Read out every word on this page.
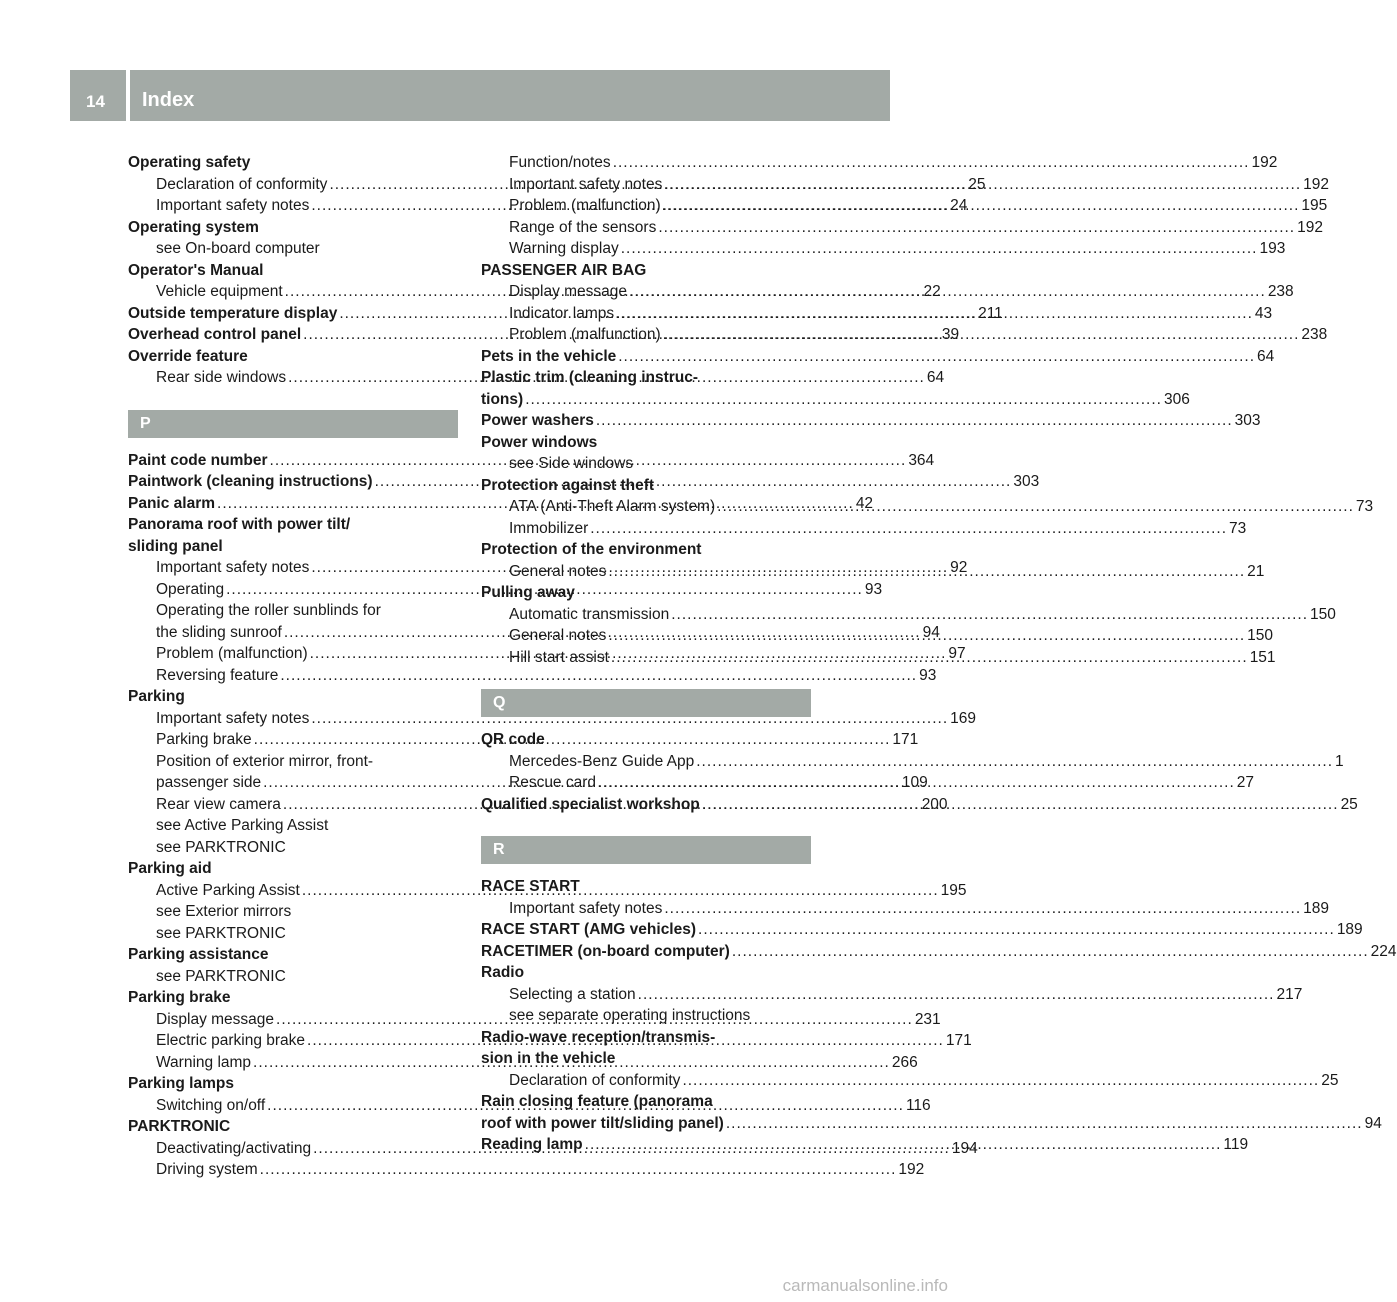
14 Index
Operating safety
Declaration of conformity .....	25
Important safety notes .....	24
Operating system
see On-board computer
Operator's Manual
Vehicle equipment .....	22
Outside temperature display .....	211
Overhead control panel .....	39
Override feature
Rear side windows .....	64
P
Paint code number .....	364
Paintwork (cleaning instructions) .....	303
Panic alarm .....	42
Panorama roof with power tilt/
sliding panel
Important safety notes .....	92
Operating .....	93
Operating the roller sunblinds for
the sliding sunroof .....	94
Problem (malfunction) .....	97
Reversing feature .....	93
Parking
Important safety notes .....	169
Parking brake .....	171
Position of exterior mirror, front-
passenger side .....	109
Rear view camera .....	200
see Active Parking Assist
see PARKTRONIC
Parking aid
Active Parking Assist .....	195
see Exterior mirrors
see PARKTRONIC
Parking assistance
see PARKTRONIC
Parking brake
Display message .....	231
Electric parking brake .....	171
Warning lamp .....	266
Parking lamps
Switching on/off .....	116
PARKTRONIC
Deactivating/activating .....	194
Driving system .....	192
Function/notes .....	192
Important safety notes .....	192
Problem (malfunction) .....	195
Range of the sensors .....	192
Warning display .....	193
PASSENGER AIR BAG
Display message .....	238
Indicator lamps .....	43
Problem (malfunction) .....	238
Pets in the vehicle .....	64
Plastic trim (cleaning instruc-
tions) .....	306
Power washers .....	303
Power windows
see Side windows
Protection against theft
ATA (Anti-Theft Alarm system) .....	73
Immobilizer .....	73
Protection of the environment
General notes .....	21
Pulling away
Automatic transmission .....	150
General notes .....	150
Hill start assist .....	151
Q
QR code
Mercedes-Benz Guide App .....	1
Rescue card .....	27
Qualified specialist workshop .....	25
R
RACE START
Important safety notes .....	189
RACE START (AMG vehicles) .....	189
RACETIMER (on-board computer) .....	224
Radio
Selecting a station .....	217
see separate operating instructions
Radio-wave reception/transmis-
sion in the vehicle
Declaration of conformity .....	25
Rain closing feature (panorama
roof with power tilt/sliding panel) .....	94
Reading lamp .....	119
carmanualsonline.info
